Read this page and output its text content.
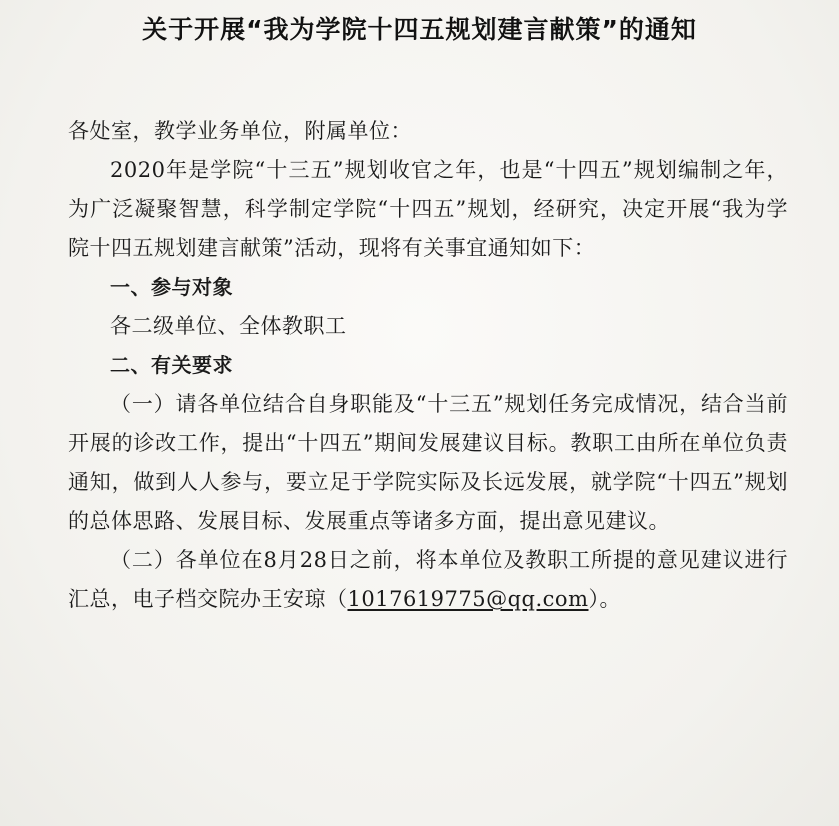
关于开展“我为学院十四五规划建言献策”的通知

各处室，教学业务单位，附属单位：

2020年是学院“十三五”规划收官之年，也是“十四五”规划编制之年，为广泛凝聚智慧，科学制定学院“十四五”规划，经研究，决定开展“我为学院十四五规划建言献策”活动，现将有关事宜通知如下：

一、参与对象

各二级单位、全体教职工

二、有关要求

（一）请各单位结合自身职能及“十三五”规划任务完成情况，结合当前开展的诊改工作，提出“十四五”期间发展建议目标。教职工由所在单位负责通知，做到人人参与，要立足于学院实际及长远发展，就学院“十四五”规划的总体思路、发展目标、发展重点等诸多方面，提出意见建议。

（二）各单位在8月28日之前，将本单位及教职工所提的意见建议进行汇总，电子档交院办王安琼（1017619775@qq.com）。
